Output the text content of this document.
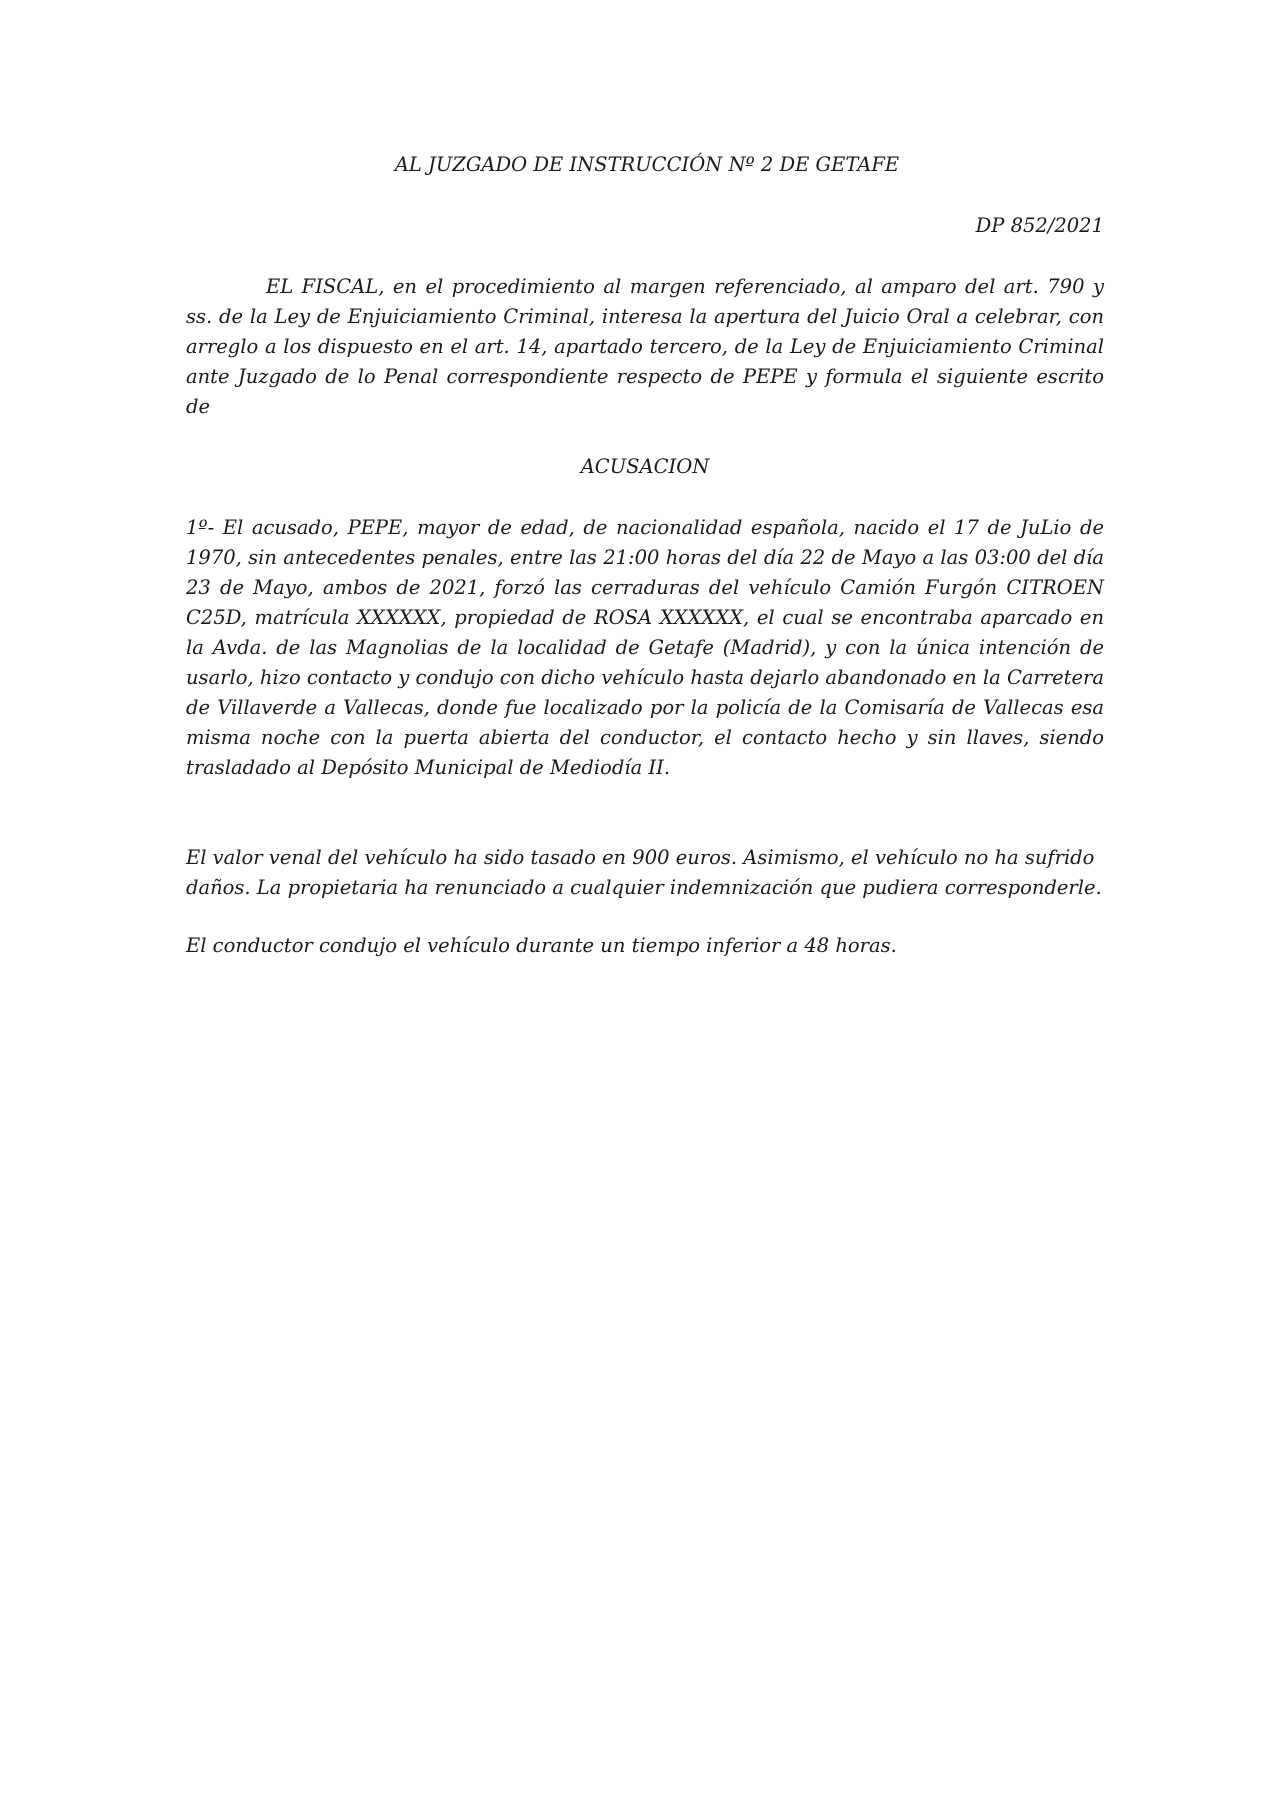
AL JUZGADO DE INSTRUCCIÓN Nº 2 DE GETAFE

DP 852/2021

EL FISCAL, en el procedimiento al margen referenciado, al amparo del art. 790 y ss. de la Ley de Enjuiciamiento Criminal, interesa la apertura del Juicio Oral a celebrar, con arreglo a los dispuesto en el art. 14, apartado tercero, de la Ley de Enjuiciamiento Criminal ante Juzgado de lo Penal correspondiente respecto de PEPE y formula el siguiente escrito de

ACUSACION

1º- El acusado, PEPE, mayor de edad, de nacionalidad española, nacido el 17 de JuLio de 1970, sin antecedentes penales, entre las 21:00 horas del día 22 de Mayo a las 03:00 del día 23 de Mayo, ambos de 2021, forzó las cerraduras del vehículo Camión Furgón CITROEN C25D, matrícula XXXXXX, propiedad de ROSA XXXXXX, el cual se encontraba aparcado en la Avda. de las Magnolias de la localidad de Getafe (Madrid), y con la única intención de usarlo, hizo contacto y condujo con dicho vehículo hasta dejarlo abandonado en la Carretera de Villaverde a Vallecas, donde fue localizado por la policía de la Comisaría de Vallecas esa misma noche con la puerta abierta del conductor, el contacto hecho y sin llaves, siendo trasladado al Depósito Municipal de Mediodía II.

El valor venal del vehículo ha sido tasado en 900 euros. Asimismo, el vehículo no ha sufrido daños. La propietaria ha renunciado a cualquier indemnización que pudiera corresponderle.

El conductor condujo el vehículo durante un tiempo inferior a 48 horas.
